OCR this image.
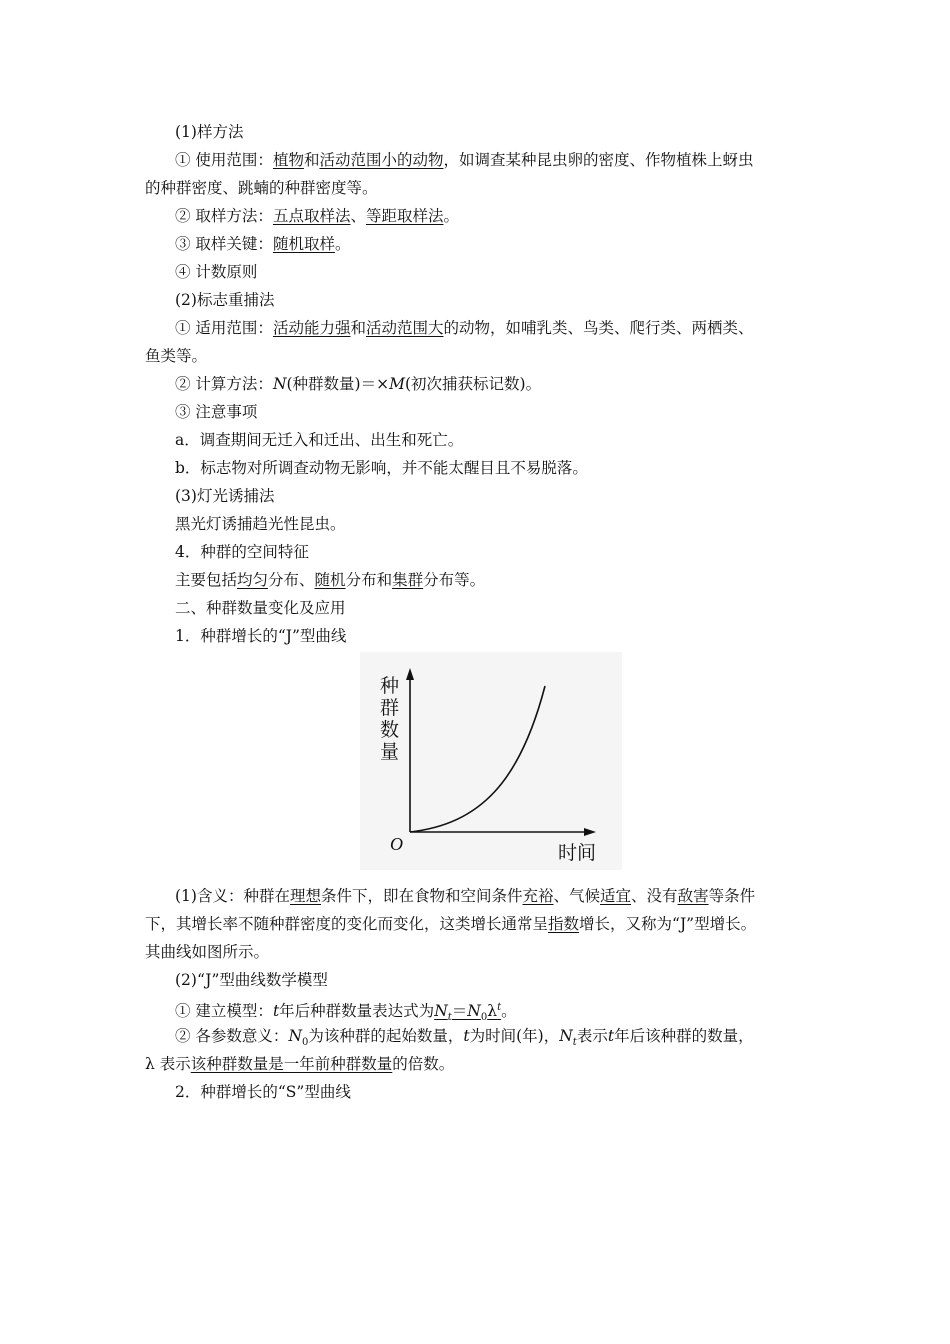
(1)样方法
① 使用范围：植物和活动范围小的动物，如调查某种昆虫卵的密度、作物植株上蚜虫
的种群密度、跳蝻的种群密度等。
② 取样方法：五点取样法、等距取样法。
③ 取样关键：随机取样。
④ 计数原则
(2)标志重捕法
① 适用范围：活动能力强和活动范围大的动物，如哺乳类、鸟类、爬行类、两栖类、
鱼类等。
② 计算方法：N(种群数量)＝×M(初次捕获标记数)。
③ 注意事项
a．调查期间无迁入和迁出、出生和死亡。
b．标志物对所调查动物无影响，并不能太醒目且不易脱落。
(3)灯光诱捕法
黑光灯诱捕趋光性昆虫。
4．种群的空间特征
主要包括均匀分布、随机分布和集群分布等。
二、种群数量变化及应用
1．种群增长的“J”型曲线
种
群
数
量
O	时间
(1)含义：种群在理想条件下，即在食物和空间条件充裕、气候适宜、没有敌害等条件
下，其增长率不随种群密度的变化而变化，这类增长通常呈指数增长，又称为“J”型增长。
其曲线如图所示。
(2)“J”型曲线数学模型
① 建立模型：t年后种群数量表达式为$N_t=N_0\lambda^t$。
② 各参数意义：$N_0$为该种群的起始数量，t为时间(年)，$N_t$表示t年后该种群的数量，
λ 表示该种群数量是一年前种群数量的倍数。
2．种群增长的“S”型曲线
